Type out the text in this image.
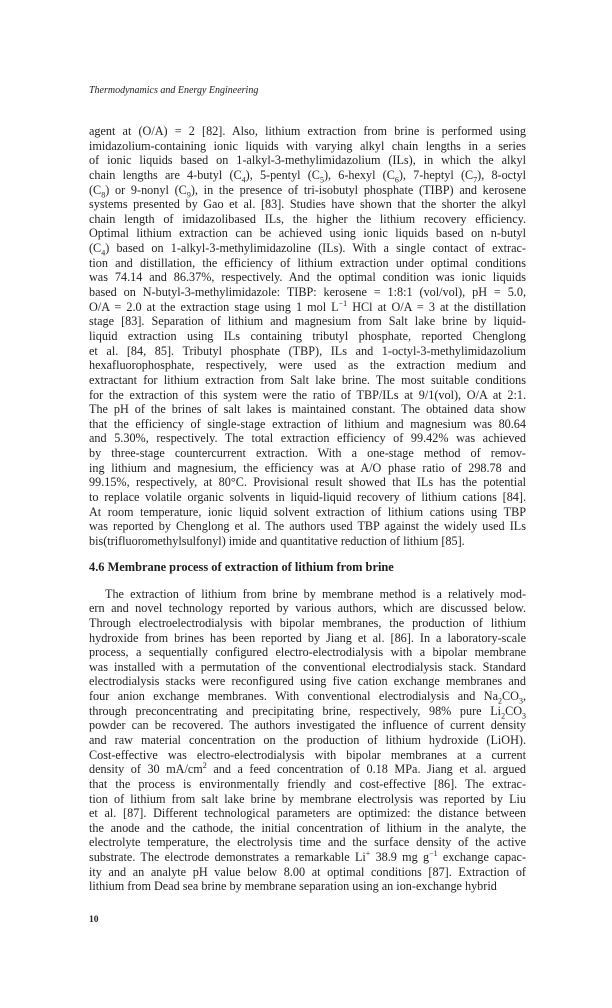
Thermodynamics and Energy Engineering
agent at (O/A) = 2 [82]. Also, lithium extraction from brine is performed using
imidazolium-containing ionic liquids with varying alkyl chain lengths in a series
of ionic liquids based on 1-alkyl-3-methylimidazolium (ILs), in which the alkyl
chain lengths are 4-butyl $(C_4)$, 5-pentyl $(C_5)$, 6-hexyl $(C_6)$, 7-heptyl $(C_7)$, 8-octyl
$(C_8)$ or 9-nonyl $(C_9)$, in the presence of tri-isobutyl phosphate (TIBP) and kerosene
systems presented by Gao et al. [83]. Studies have shown that the shorter the alkyl
chain length of imidazolibased ILs, the higher the lithium recovery efficiency.
Optimal lithium extraction can be achieved using ionic liquids based on n-butyl
$(C_4)$ based on 1-alkyl-3-methylimidazoline (ILs). With a single contact of extrac-
tion and distillation, the efficiency of lithium extraction under optimal conditions
was 74.14 and 86.37%, respectively. And the optimal condition was ionic liquids
based on N-butyl-3-methylimidazole: TIBP: kerosene = 1:8:1 (vol/vol), pH = 5.0,
O/A = 2.0 at the extraction stage using 1 mol $L^{-1}$ HCl at O/A = 3 at the distillation
stage [83]. Separation of lithium and magnesium from Salt lake brine by liquid-
liquid extraction using ILs containing tributyl phosphate, reported Chenglong
et al. [84, 85]. Tributyl phosphate (TBP), ILs and 1-octyl-3-methylimidazolium
hexafluorophosphate, respectively, were used as the extraction medium and
extractant for lithium extraction from Salt lake brine. The most suitable conditions
for the extraction of this system were the ratio of TBP/ILs at 9/1(vol), O/A at 2:1.
The pH of the brines of salt lakes is maintained constant. The obtained data show
that the efficiency of single-stage extraction of lithium and magnesium was 80.64
and 5.30%, respectively. The total extraction efficiency of 99.42% was achieved
by three-stage countercurrent extraction. With a one-stage method of remov-
ing lithium and magnesium, the efficiency was at A/O phase ratio of 298.78 and
99.15%, respectively, at 80°C. Provisional result showed that ILs has the potential
to replace volatile organic solvents in liquid-liquid recovery of lithium cations [84].
At room temperature, ionic liquid solvent extraction of lithium cations using TBP
was reported by Chenglong et al. The authors used TBP against the widely used ILs
bis(trifluoromethylsulfonyl) imide and quantitative reduction of lithium [85].
4.6 Membrane process of extraction of lithium from brine
The extraction of lithium from brine by membrane method is a relatively mod-
ern and novel technology reported by various authors, which are discussed below.
Through electroelectrodialysis with bipolar membranes, the production of lithium
hydroxide from brines has been reported by Jiang et al. [86]. In a laboratory-scale
process, a sequentially configured electro-electrodialysis with a bipolar membrane
was installed with a permutation of the conventional electrodialysis stack. Standard
electrodialysis stacks were reconfigured using five cation exchange membranes and
four anion exchange membranes. With conventional electrodialysis and $Na_2CO_3$,
through preconcentrating and precipitating brine, respectively, 98% pure $Li_2CO_3$
powder can be recovered. The authors investigated the influence of current density
and raw material concentration on the production of lithium hydroxide (LiOH).
Cost-effective was electro-electrodialysis with bipolar membranes at a current
density of 30 $mA/cm^2$ and a feed concentration of 0.18 MPa. Jiang et al. argued
that the process is environmentally friendly and cost-effective [86]. The extrac-
tion of lithium from salt lake brine by membrane electrolysis was reported by Liu
et al. [87]. Different technological parameters are optimized: the distance between
the anode and the cathode, the initial concentration of lithium in the analyte, the
electrolyte temperature, the electrolysis time and the surface density of the active
substrate. The electrode demonstrates a remarkable Li+ 38.9 mg $g^{-1}$ exchange capac-
ity and an analyte pH value below 8.00 at optimal conditions [87]. Extraction of
lithium from Dead sea brine by membrane separation using an ion-exchange hybrid
10
